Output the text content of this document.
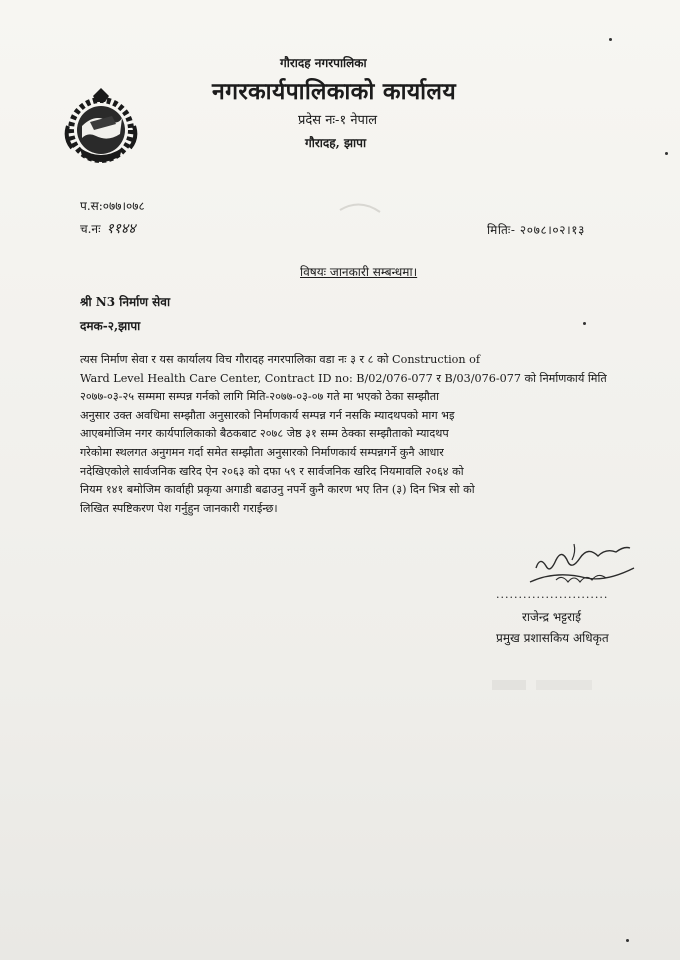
गौरादह नगरपालिका
नगरकार्यपालिकाको कार्यालय
प्रदेस नः-१ नेपाल
गौरादह, झापा
प.स:०७७।०७८
च.नः ११४४	मितिः- २०७८।०२।१३
विषयः जानकारी सम्बन्धमा।
श्री N3 निर्माण सेवा
दमक-२,झापा
त्यस निर्माण सेवा र यस कार्यालय विच गौरादह नगरपालिका वडा नः ३ र ८ को Construction of
Ward Level Health Care Center, Contract ID no: B/02/076-077 र B/03/076-077 को निर्माणकार्य मिति
२०७७-०३-२५ सम्ममा सम्पन्न गर्नको लागि मिति-२०७७-०३-०७ गते मा भएको ठेका सम्झौता
अनुसार उक्त अवधिमा सम्झौता अनुसारको निर्माणकार्य सम्पन्न गर्न नसकि म्यादथपको माग भइ
आएबमोजिम नगर कार्यपालिकाको बैठकबाट २०७८ जेष्ठ ३१ सम्म ठेक्का सम्झौताको म्यादथप
गरेकोमा स्थलगत अनुगमन गर्दा समेत सम्झौता अनुसारको निर्माणकार्य सम्पन्नगर्ने कुनै आधार
नदेखिएकोले सार्वजनिक खरिद ऐन २०६३ को दफा ५९ र सार्वजनिक खरिद नियमावलि २०६४ को
नियम १४१ बमोजिम कार्वाही प्रकृया अगाडी बढाउनु नपर्ने कुनै कारण भए तिन (३) दिन भित्र सो को
लिखित स्पष्टिकरण पेश गर्नुहुन जानकारी गराईन्छ।
.........................
राजेन्द्र भट्टराई
प्रमुख प्रशासकिय अधिकृत
